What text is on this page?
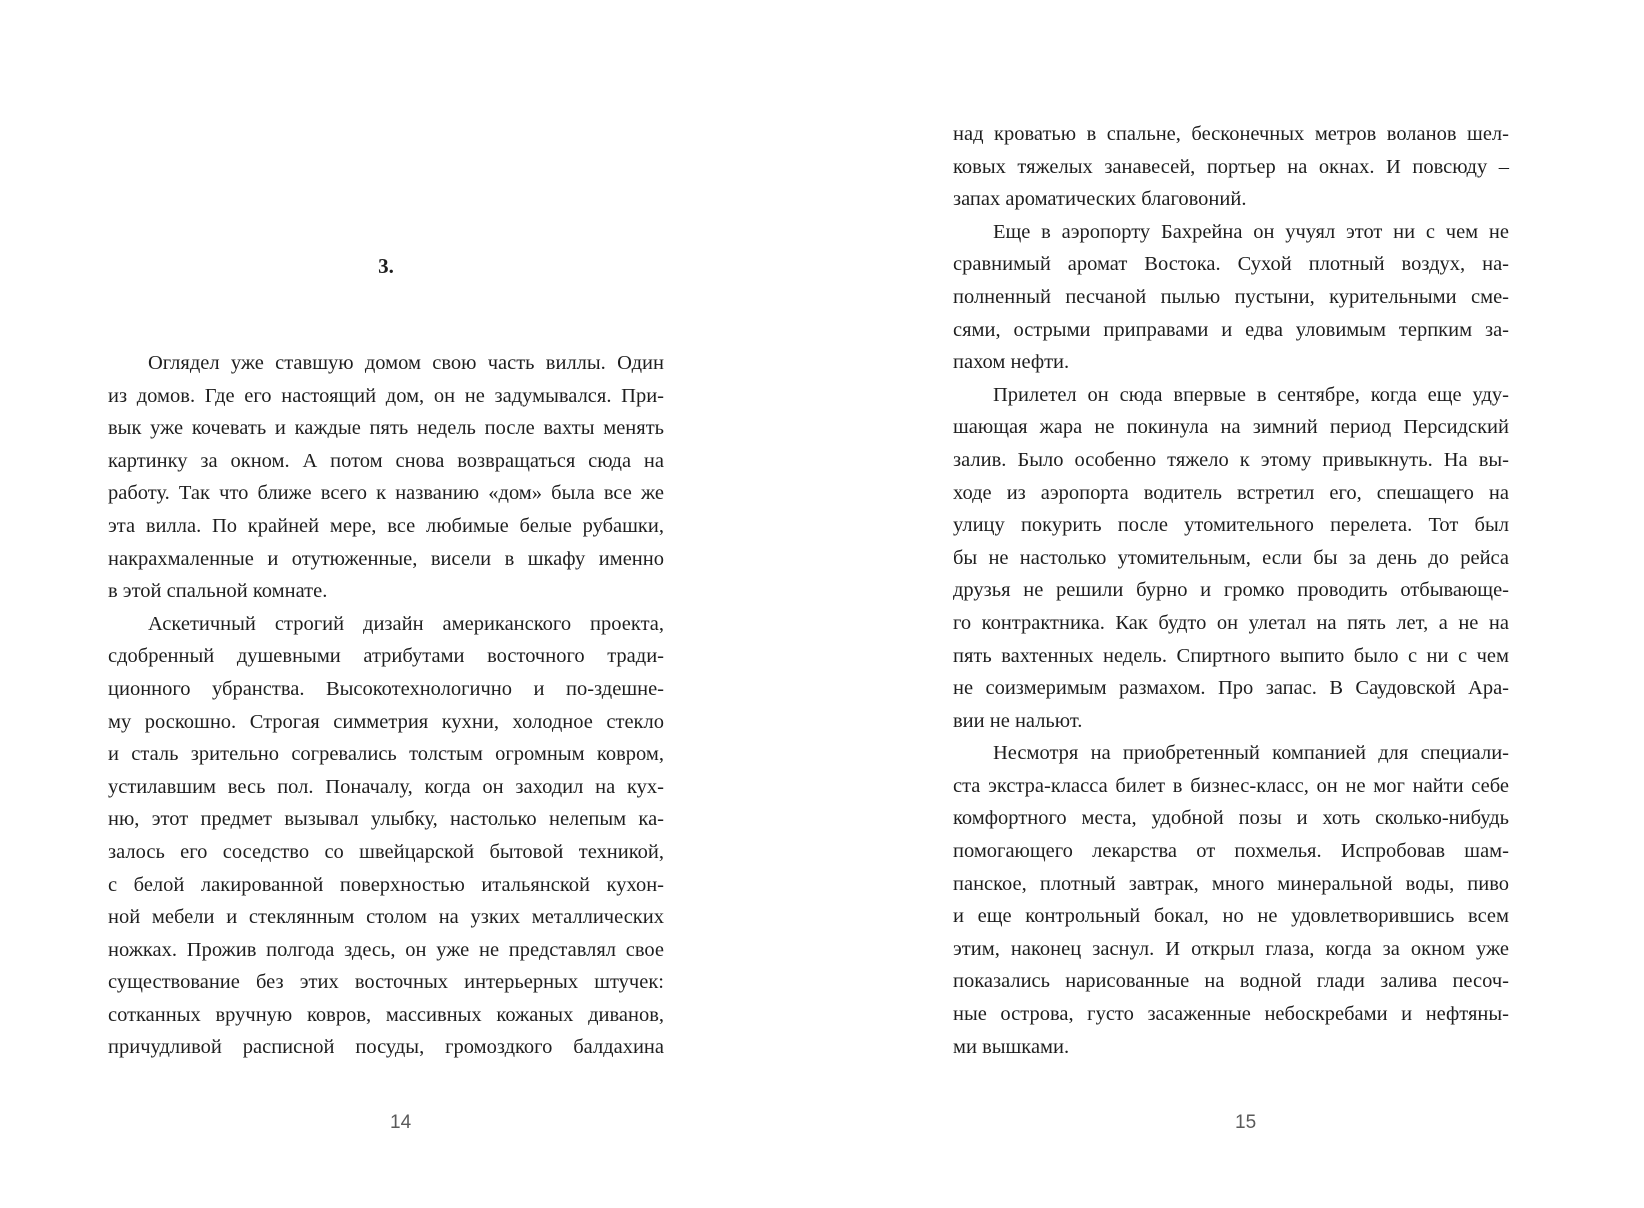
3.
Оглядел уже ставшую домом свою часть виллы. Один
из домов. Где его настоящий дом, он не задумывался. При-
вык уже кочевать и каждые пять недель после вахты менять
картинку за окном. А потом снова возвращаться сюда на
работу. Так что ближе всего к названию «дом» была все же
эта вилла. По крайней мере, все любимые белые рубашки,
накрахмаленные и отутюженные, висели в шкафу именно
в этой спальной комнате.
Аскетичный строгий дизайн американского проекта,
сдобренный душевными атрибутами восточного тради-
ционного убранства. Высокотехнологично и по-здешне-
му роскошно. Строгая симметрия кухни, холодное стекло
и сталь зрительно согревались толстым огромным ковром,
устилавшим весь пол. Поначалу, когда он заходил на кух-
ню, этот предмет вызывал улыбку, настолько нелепым ка-
залось его соседство со швейцарской бытовой техникой,
с белой лакированной поверхностью итальянской кухон-
ной мебели и стеклянным столом на узких металлических
ножках. Прожив полгода здесь, он уже не представлял свое
существование без этих восточных интерьерных штучек:
сотканных вручную ковров, массивных кожаных диванов,
причудливой расписной посуды, громоздкого балдахина
14
над кроватью в спальне, бесконечных метров воланов шел-
ковых тяжелых занавесей, портьер на окнах. И повсюду –
запах ароматических благовоний.
Еще в аэропорту Бахрейна он учуял этот ни с чем не
сравнимый аромат Востока. Сухой плотный воздух, на-
полненный песчаной пылью пустыни, курительными сме-
сями, острыми приправами и едва уловимым терпким за-
пахом нефти.
Прилетел он сюда впервые в сентябре, когда еще уду-
шающая жара не покинула на зимний период Персидский
залив. Было особенно тяжело к этому привыкнуть. На вы-
ходе из аэропорта водитель встретил его, спешащего на
улицу покурить после утомительного перелета. Тот был
бы не настолько утомительным, если бы за день до рейса
друзья не решили бурно и громко проводить отбывающе-
го контрактника. Как будто он улетал на пять лет, а не на
пять вахтенных недель. Спиртного выпито было с ни с чем
не соизмеримым размахом. Про запас. В Саудовской Ара-
вии не нальют.
Несмотря на приобретенный компанией для специали-
ста экстра-класса билет в бизнес-класс, он не мог найти себе
комфортного места, удобной позы и хоть сколько-нибудь
помогающего лекарства от похмелья. Испробовав шам-
панское, плотный завтрак, много минеральной воды, пиво
и еще контрольный бокал, но не удовлетворившись всем
этим, наконец заснул. И открыл глаза, когда за окном уже
показались нарисованные на водной глади залива песоч-
ные острова, густо засаженные небоскребами и нефтяны-
ми вышками.
15
